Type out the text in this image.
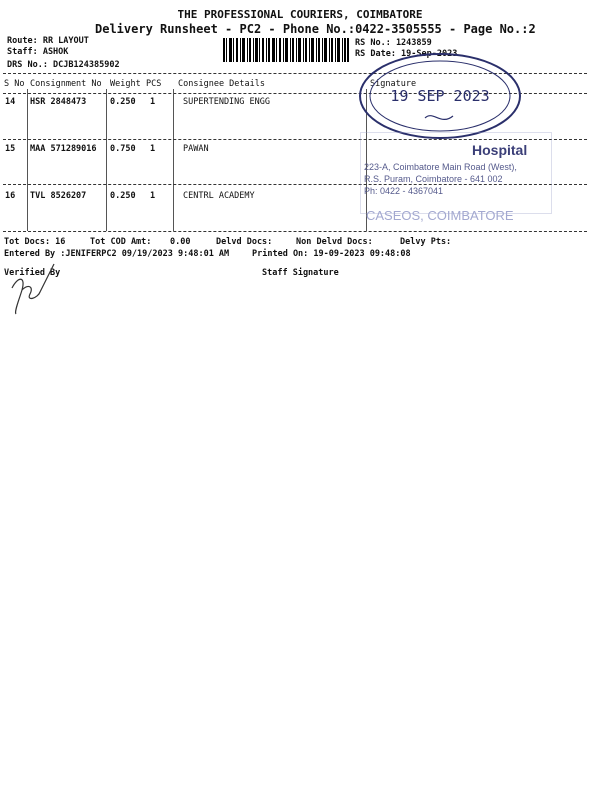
THE PROFESSIONAL COURIERS, COIMBATORE
Delivery Runsheet - PC2 - Phone No.:0422-3505555 - Page No.:2
Route: RR LAYOUT
Staff: ASHOK
DRS No.: DCJB124385902
RS No.: 1243859
RS Date: 19-Sep-2023
S No Consignment No Weight PCS Consignee Details	Signature
14 HSR 2848473	0.250 1	SUPERTENDING ENGG
15 MAA 571289016 0.750 1	PAWAN
16 TVL 8526207	0.250 1	CENTRL ACADEMY
Tot Docs: 16	Tot COD Amt: 0.00	Delvd Docs:	Non Delvd Docs:	Delvy Pts:
Entered By :JENIFERPC2 09/19/2023 9:48:01 AM	Printed On: 19-09-2023 09:48:08
Verified By	Staff Signature
19 SEP 2023
Hospital
223-A, Coimbatore Main Road (West),
R.S. Puram, Coimbatore - 641 002
Ph: 0422 - 4367041
CASEOS, COIMBATORE
